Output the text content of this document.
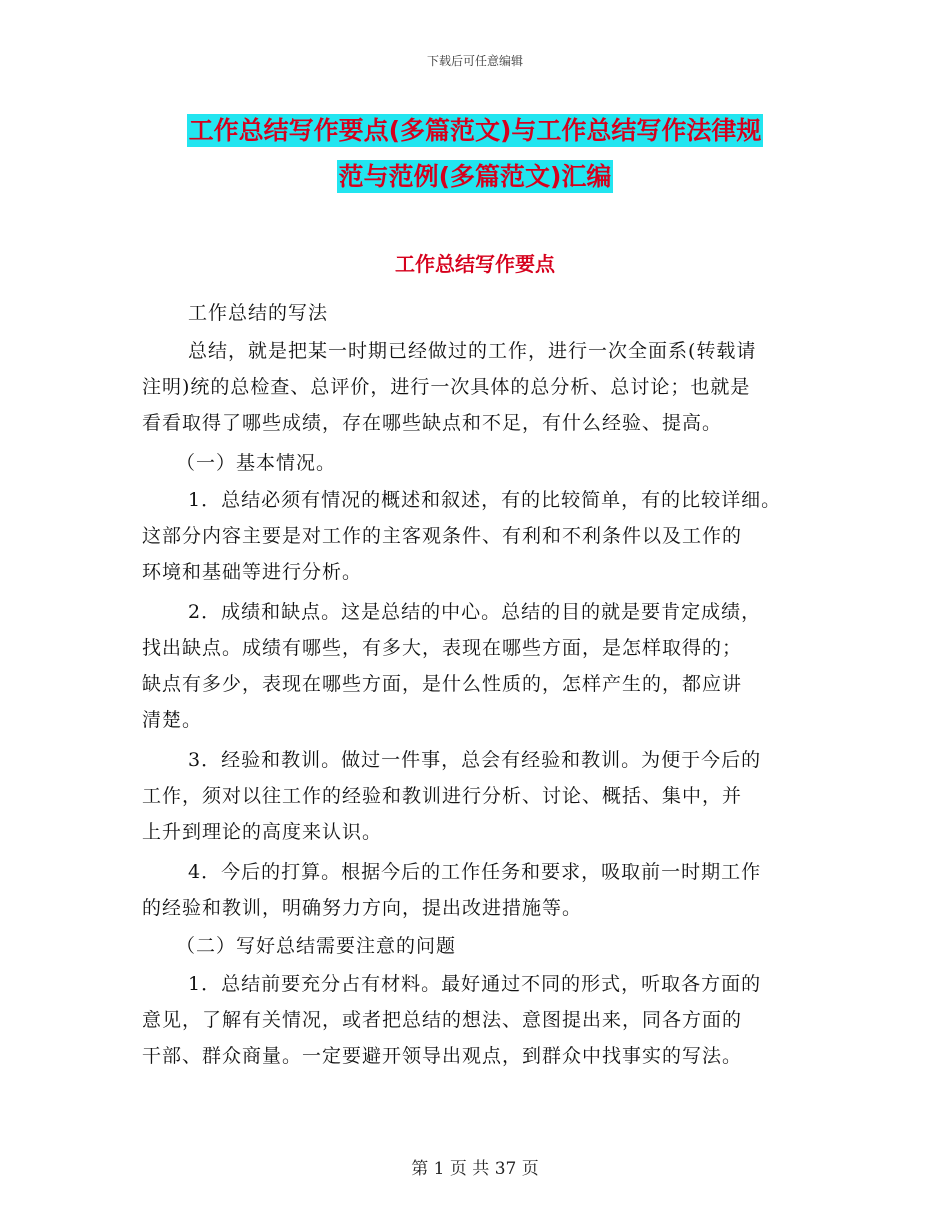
下载后可任意编辑
工作总结写作要点(多篇范文)与工作总结写作法律规
范与范例(多篇范文)汇编
工作总结写作要点
工作总结的写法
总结，就是把某一时期已经做过的工作，进行一次全面系(转载请
注明)统的总检查、总评价，进行一次具体的总分析、总讨论；也就是
看看取得了哪些成绩，存在哪些缺点和不足，有什么经验、提高。
（一）基本情况。
1．总结必须有情况的概述和叙述，有的比较简单，有的比较详细。
这部分内容主要是对工作的主客观条件、有利和不利条件以及工作的
环境和基础等进行分析。
2．成绩和缺点。这是总结的中心。总结的目的就是要肯定成绩，
找出缺点。成绩有哪些，有多大，表现在哪些方面，是怎样取得的；
缺点有多少，表现在哪些方面，是什么性质的，怎样产生的，都应讲
清楚。
3．经验和教训。做过一件事，总会有经验和教训。为便于今后的
工作，须对以往工作的经验和教训进行分析、讨论、概括、集中，并
上升到理论的高度来认识。
4．今后的打算。根据今后的工作任务和要求，吸取前一时期工作
的经验和教训，明确努力方向，提出改进措施等。
（二）写好总结需要注意的问题
1．总结前要充分占有材料。最好通过不同的形式，听取各方面的
意见，了解有关情况，或者把总结的想法、意图提出来，同各方面的
干部、群众商量。一定要避开领导出观点，到群众中找事实的写法。
第 1 页 共 37 页
